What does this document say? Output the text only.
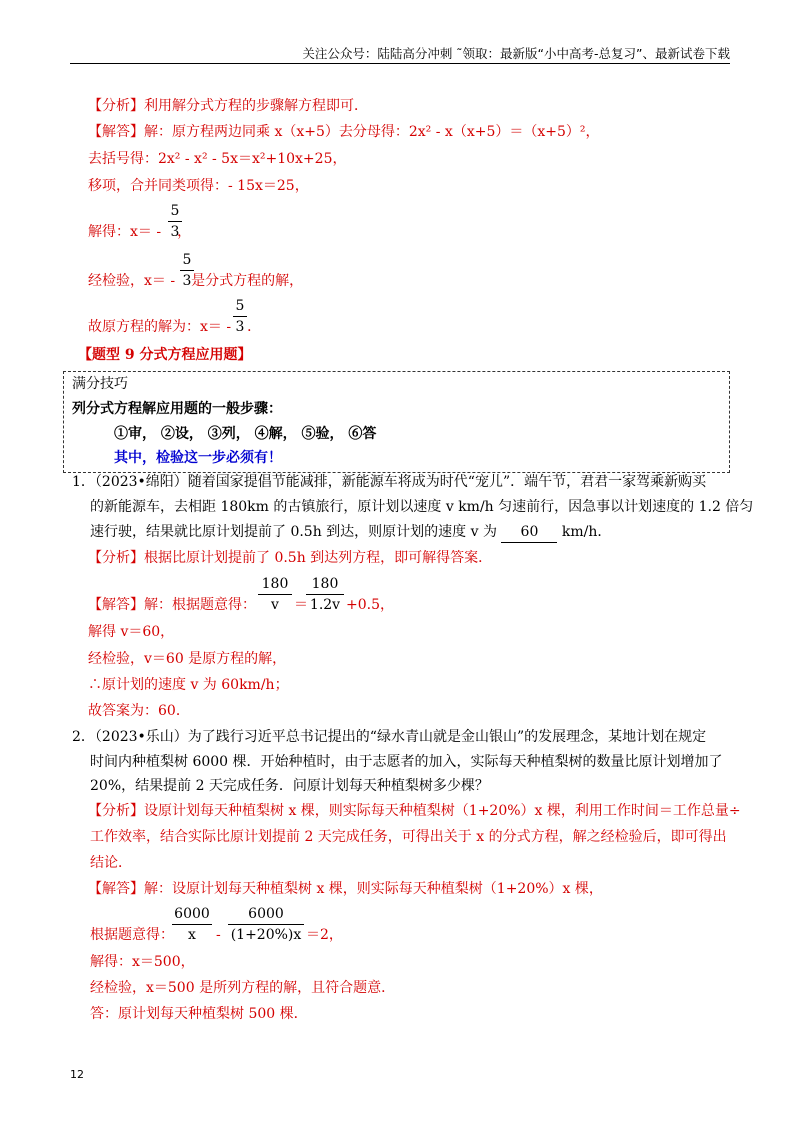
关注公众号：陆陆高分冲刺 ˜领取：最新版“小中高考-总复习”、最新试卷下载
【分析】利用解分式方程的步骤解方程即可．
【解答】解：原方程两边同乘 x（x+5）去分母得：2x² - x（x+5）＝（x+5）²，
去括号得：2x² - x² - 5x＝x²+10x+25，
移项，合并同类项得：- 15x＝25，
解得：x＝ - ，
5
3
经检验，x＝ - 是分式方程的解，
5
3
故原方程的解为：x＝ - ．
5
3
【题型 9 分式方程应用题】
满分技巧
列分式方程解应用题的一般步骤：
①审， ②设， ③列， ④解， ⑤验， ⑥答
其中，检验这一步必须有！
1．（2023•绵阳）随着国家提倡节能减排，新能源车将成为时代“宠儿”．端午节，君君一家驾乘新购买
的新能源车，去相距 180km 的古镇旅行，原计划以速度 v km/h 匀速前行，因急事以计划速度的 1.2 倍匀
速行驶，结果就比原计划提前了 0.5h 到达，则原计划的速度 v 为 60 km/h．
【分析】根据比原计划提前了 0.5h 到达列方程，即可解得答案．
【解答】解：根据题意得：
180
v	＝
180
1.2v +0.5，
解得 v＝60，
经检验，v＝60 是原方程的解，
∴原计划的速度 v 为 60km/h；
故答案为：60．
2．（2023•乐山）为了践行习近平总书记提出的“绿水青山就是金山银山”的发展理念，某地计划在规定
时间内种植梨树 6000 棵．开始种植时，由于志愿者的加入，实际每天种植梨树的数量比原计划增加了
20%，结果提前 2 天完成任务．问原计划每天种植梨树多少棵？
【分析】设原计划每天种植梨树 x 棵，则实际每天种植梨树（1+20%）x 棵，利用工作时间＝工作总量÷
工作效率，结合实际比原计划提前 2 天完成任务，可得出关于 x 的分式方程，解之经检验后，即可得出
结论．
【解答】解：设原计划每天种植梨树 x 棵，则实际每天种植梨树（1+20%）x 棵，
根据题意得：
6000
x	-
6000
(1+20%)x ＝2，
解得：x＝500，
经检验，x＝500 是所列方程的解，且符合题意．
答：原计划每天种植梨树 500 棵．
12
